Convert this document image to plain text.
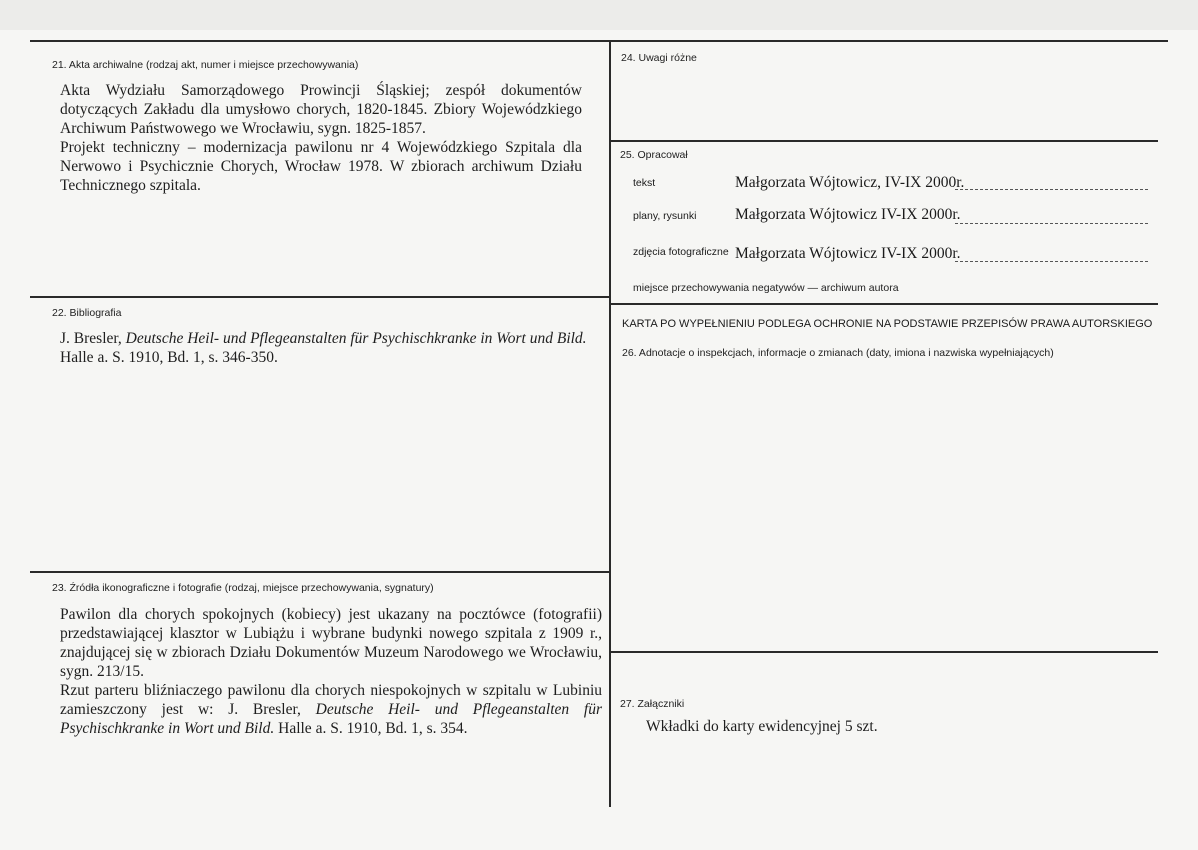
21. Akta archiwalne (rodzaj akt, numer i miejsce przechowywania)

Akta Wydziału Samorządowego Prowincji Śląskiej; zespół dokumentów dotyczących Zakładu dla umysłowo chorych, 1820-1845. Zbiory Wojewódzkiego Archiwum Państwowego we Wrocławiu, sygn. 1825-1857.

Projekt techniczny – modernizacja pawilonu nr 4 Wojewódzkiego Szpitala dla Nerwowo i Psychicznie Chorych, Wrocław 1978. W zbiorach archiwum Działu Technicznego szpitala.

22. Bibliografia
J. Bresler, Deutsche Heil- und Pflegeanstalten für Psychischkranke in Wort und Bild.
Halle a. S. 1910, Bd. 1, s. 346-350.
23. Źródła ikonograficzne i fotografie (rodzaj, miejsce przechowywania, sygnatury)

Pawilon dla chorych spokojnych (kobiecy) jest ukazany na pocztówce (fotografii) przedstawiającej klasztor w Lubiążu i wybrane budynki nowego szpitala z 1909 r., znajdującej się w zbiorach Działu Dokumentów Muzeum Narodowego we Wrocławiu, sygn. 213/15.

Rzut parteru bliźniaczego pawilonu dla chorych niespokojnych w szpitalu w Lubiniu zamieszczony jest w: J. Bresler, Deutsche Heil- und Pflegeanstalten für Psychischkranke in Wort und Bild. Halle a. S. 1910, Bd. 1, s. 354.

24. Uwagi różne
25. Opracował
tekst	Małgorzata Wójtowicz, IV-IX 2000r.
plany, rysunki Małgorzata Wójtowicz IV-IX 2000r.
zdjęcia fotograficzne Małgorzata Wójtowicz IV-IX 2000r.
miejsce przechowywania negatywów — archiwum autora
KARTA PO WYPEŁNIENIU PODLEGA OCHRONIE NA PODSTAWIE PRZEPISÓW PRAWA AUTORSKIEGO
26. Adnotacje o inspekcjach, informacje o zmianach (daty, imiona i nazwiska wypełniających)
27. Załączniki
Wkładki do karty ewidencyjnej 5 szt.
